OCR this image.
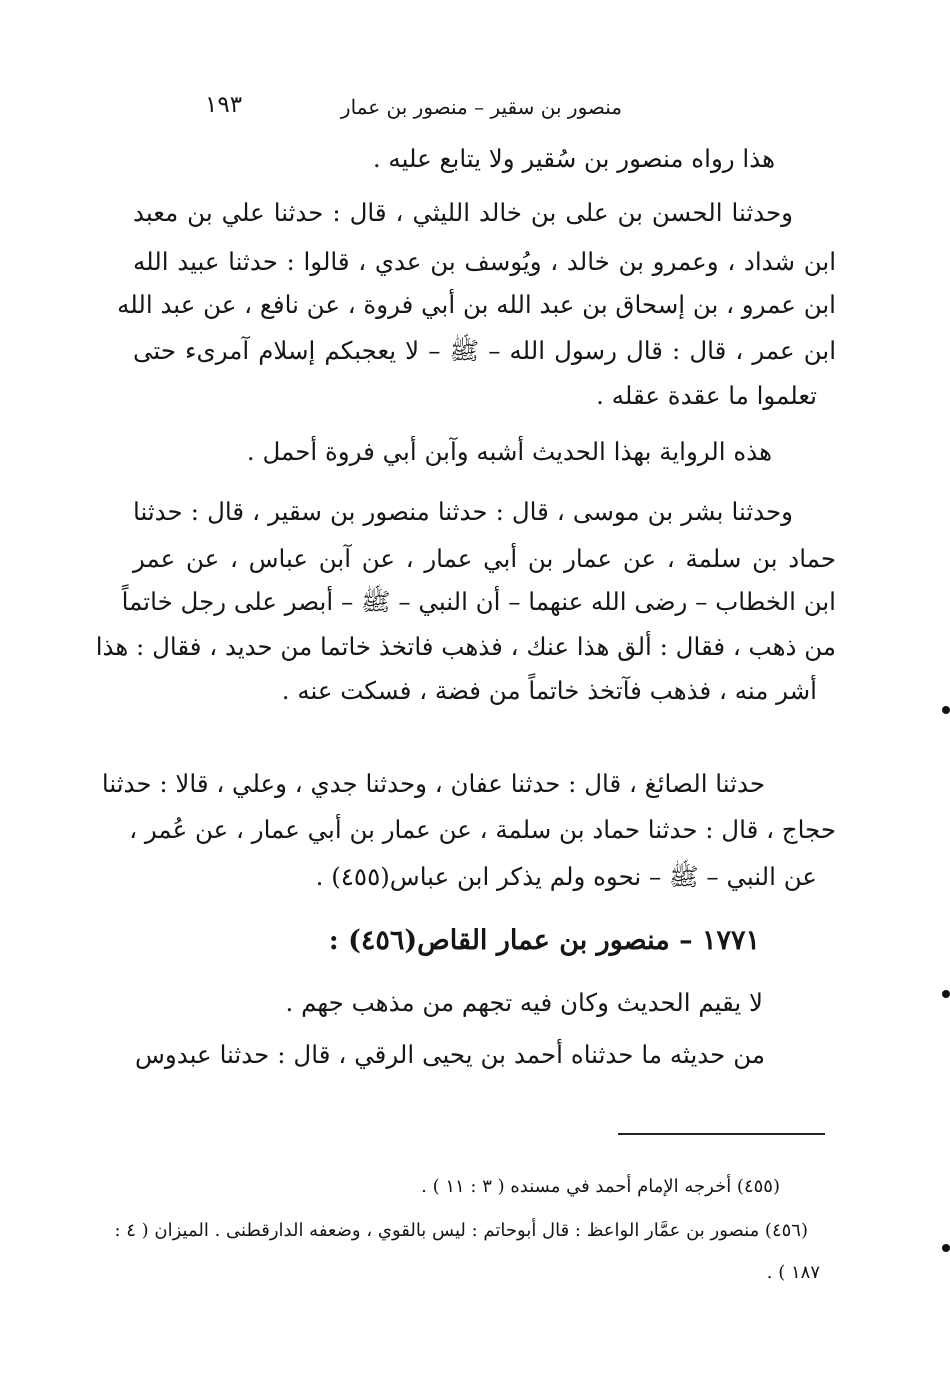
منصور بن سقير – منصور بن عمار
١٩٣
هذا رواه منصور بن سُقير ولا يتابع عليه .
وحدثنا الحسن بن على بن خالد الليثي ، قال : حدثنا علي بن معبد
ابن شداد ، وعمرو بن خالد ، ويُوسف بن عدي ، قالوا : حدثنا عبيد الله
ابن عمرو ، بن إسحاق بن عبد الله بن أبي فروة ، عن نافع ، عن عبد الله
ابن عمر ، قال : قال رسول الله – ﷺ – لا يعجبكم إسلام آمرىء حتى
تعلموا ما عقدة عقله .
هذه الرواية بهذا الحديث أشبه وآبن أبي فروة أحمل .
وحدثنا بشر بن موسى ، قال : حدثنا منصور بن سقير ، قال : حدثنا
حماد بن سلمة ، عن عمار بن أبي عمار ، عن آبن عباس ، عن عمر
ابن الخطاب – رضى الله عنهما – أن النبي – ﷺ – أبصر على رجل خاتماً
من ذهب ، فقال : ألق هذا عنك ، فذهب فاتخذ خاتما من حديد ، فقال : هذا
أشر منه ، فذهب فآتخذ خاتماً من فضة ، فسكت عنه .
حدثنا الصائغ ، قال : حدثنا عفان ، وحدثنا جدي ، وعلي ، قالا : حدثنا
حجاج ، قال : حدثنا حماد بن سلمة ، عن عمار بن أبي عمار ، عن عُمر ،
عن النبي – ﷺ – نحوه ولم يذكر ابن عباس(٤٥٥) .
١٧٧١ – منصور بن عمار القاص(٤٥٦) :
لا يقيم الحديث وكان فيه تجهم من مذهب جهم .
من حديثه ما حدثناه أحمد بن يحيى الرقي ، قال : حدثنا عبدوس
(٤٥٥) أخرجه الإمام أحمد في مسنده ( ٣ : ١١ ) .
(٤٥٦) منصور بن عمَّار الواعظ : قال أبوحاتم : ليس بالقوي ، وضعفه الدارقطنى . الميزان ( ٤ :
١٨٧ ) .
